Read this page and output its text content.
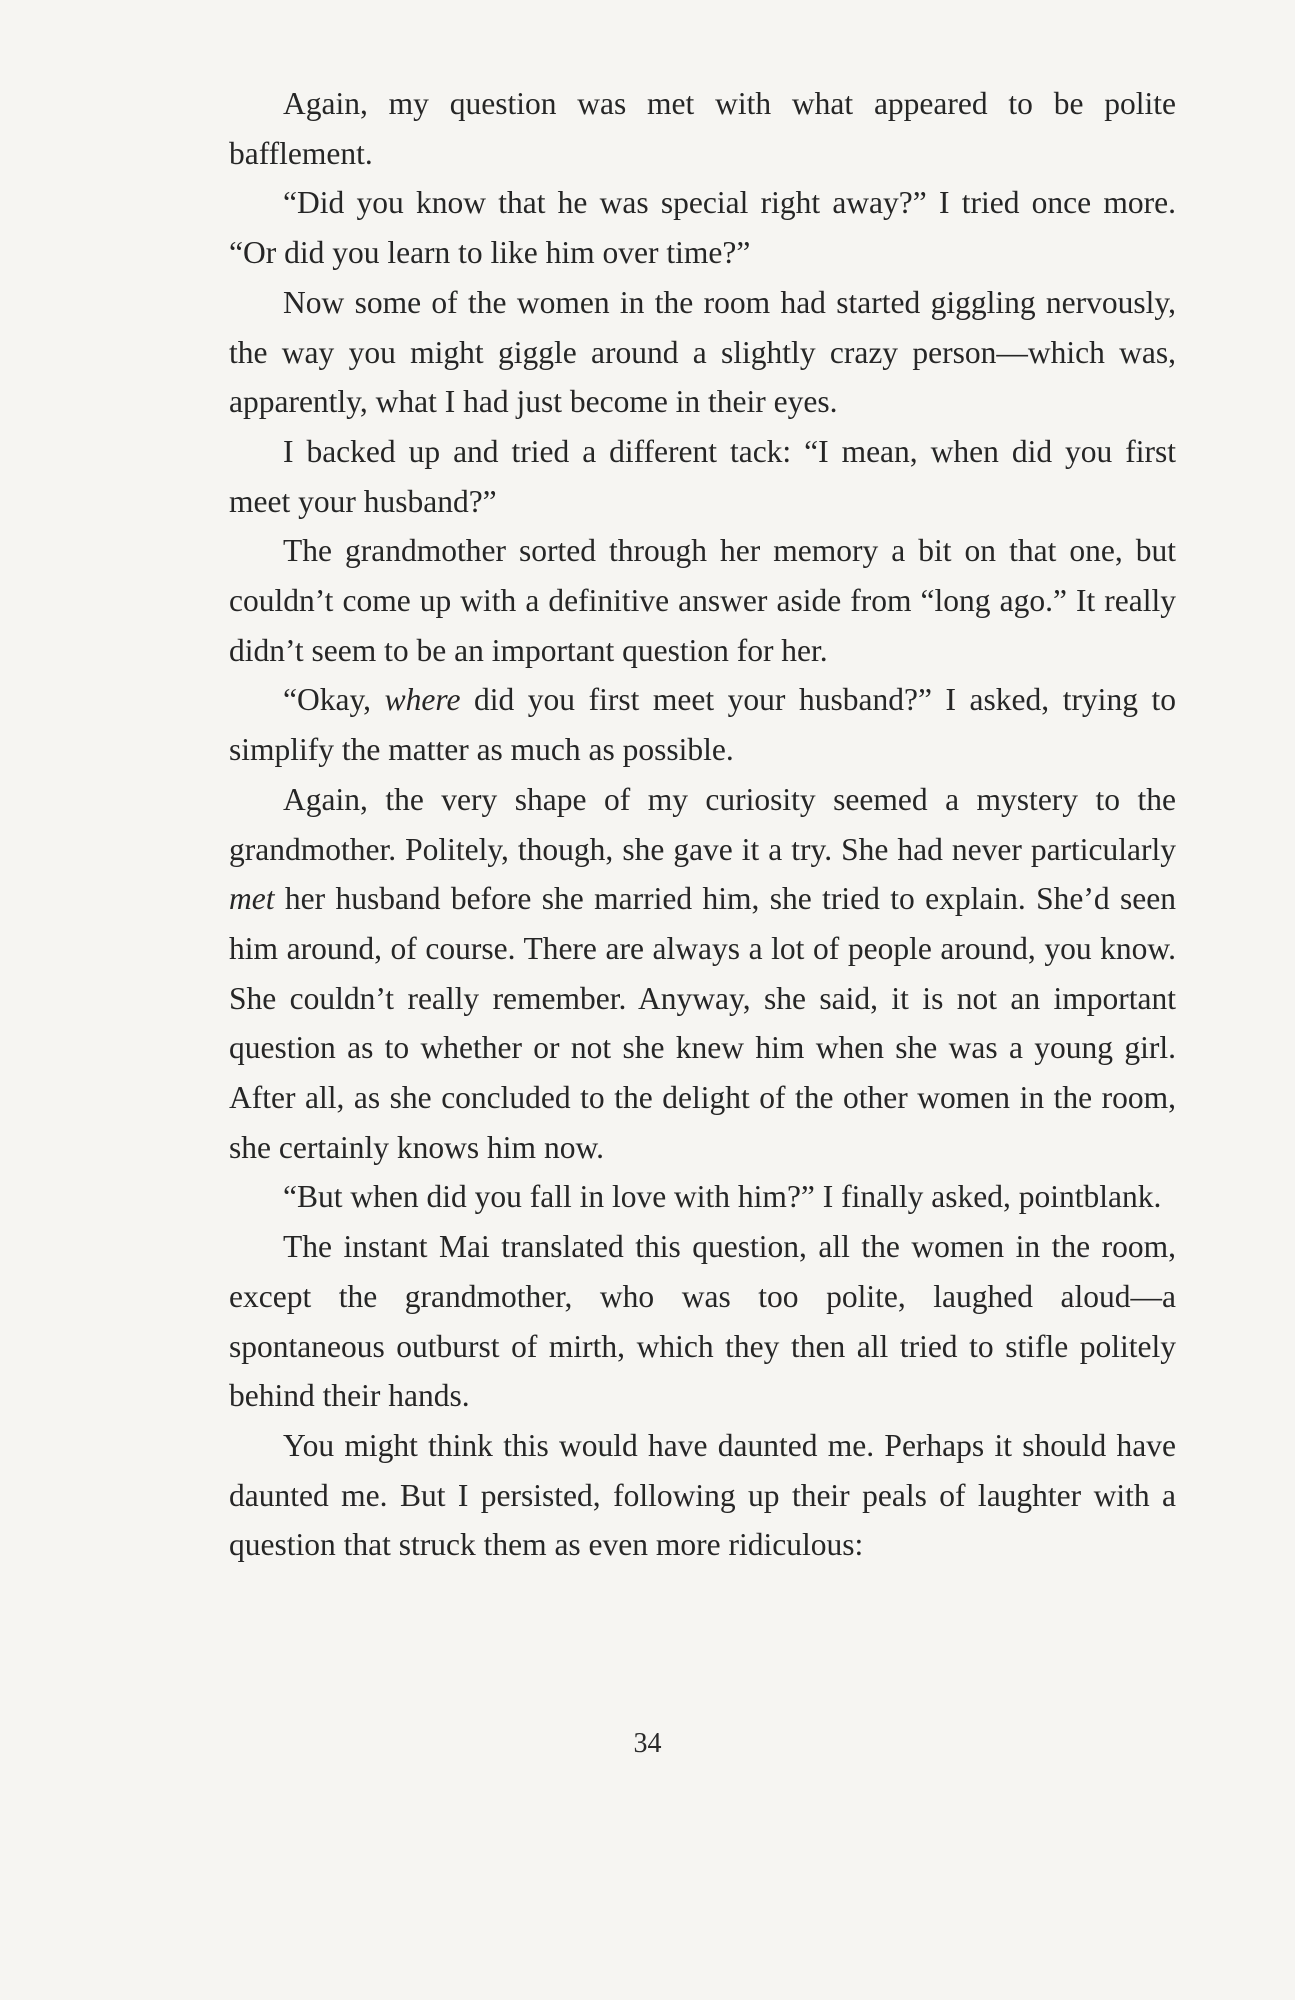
Again, my question was met with what appeared to be polite bafflement.

“Did you know that he was special right away?” I tried once more. “Or did you learn to like him over time?”

Now some of the women in the room had started giggling nervously, the way you might giggle around a slightly crazy person—which was, apparently, what I had just become in their eyes.

I backed up and tried a different tack: “I mean, when did you first meet your husband?”

The grandmother sorted through her memory a bit on that one, but couldn’t come up with a definitive answer aside from “long ago.” It really didn’t seem to be an important question for her.

“Okay, where did you first meet your husband?” I asked, trying to simplify the matter as much as possible.

Again, the very shape of my curiosity seemed a mystery to the grandmother. Politely, though, she gave it a try. She had never particularly met her husband before she married him, she tried to explain. She’d seen him around, of course. There are always a lot of people around, you know. She couldn’t really remember. Anyway, she said, it is not an important question as to whether or not she knew him when she was a young girl. After all, as she concluded to the delight of the other women in the room, she certainly knows him now.

“But when did you fall in love with him?” I finally asked, pointblank.

The instant Mai translated this question, all the women in the room, except the grandmother, who was too polite, laughed aloud—a spontaneous outburst of mirth, which they then all tried to stifle politely behind their hands.

You might think this would have daunted me. Perhaps it should have daunted me. But I persisted, following up their peals of laughter with a question that struck them as even more ridiculous:

34
